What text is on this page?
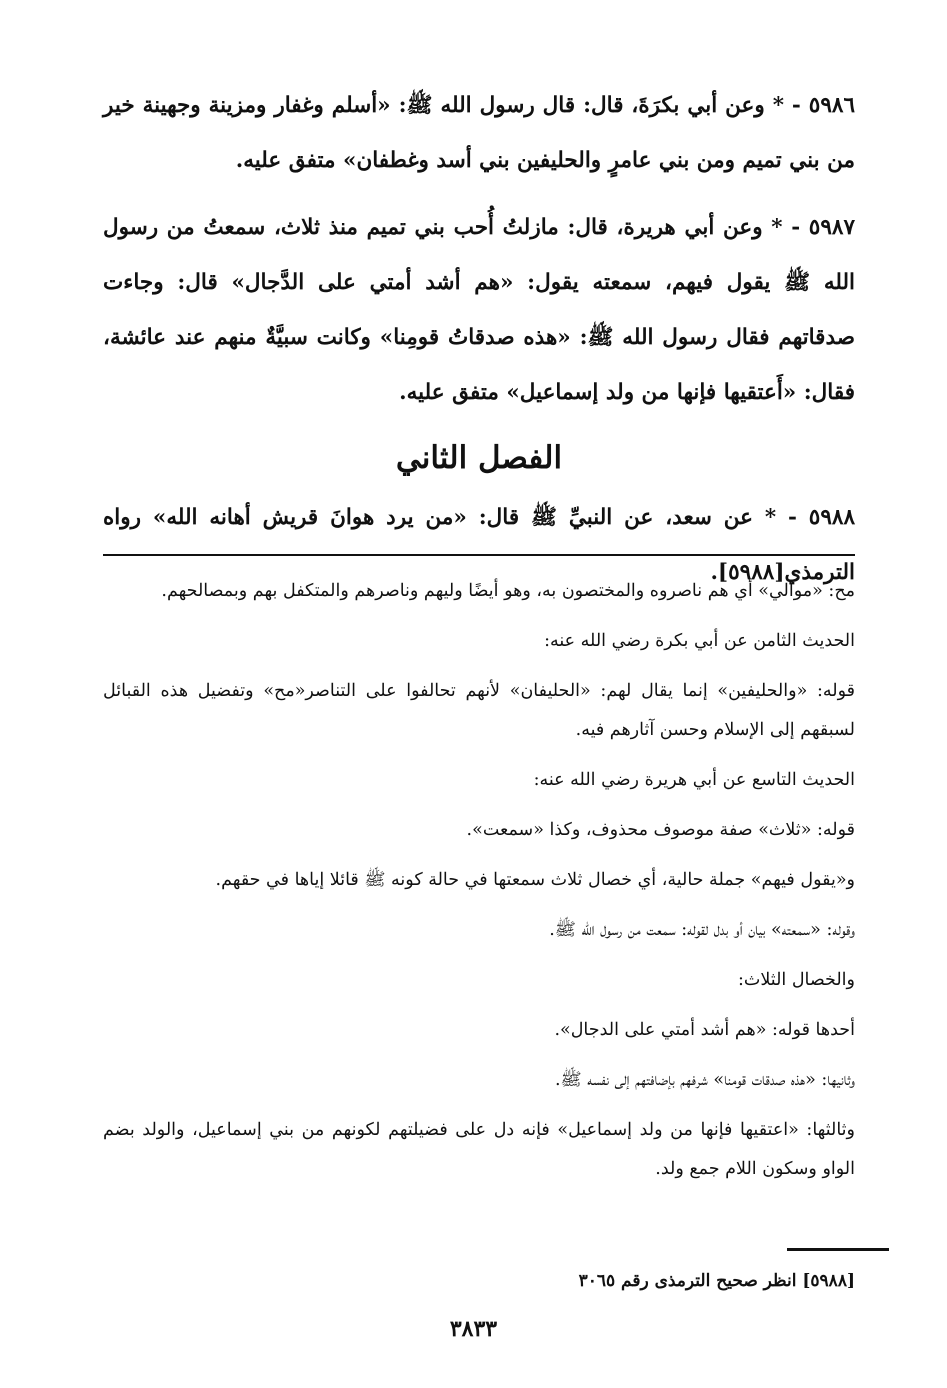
٥٩٨٦ - * وعن أبي بكرَةَ، قال: قال رسول الله ﷺ: «أسلم وغفار ومزينة وجهينة خير من بني تميم ومن بني عامرٍ والحليفين بني أسد وغطفان» متفق عليه.

٥٩٨٧ - * وعن أبي هريرة، قال: مازلتُ أُحب بني تميم منذ ثلاث، سمعتُ من رسول الله ﷺ يقول فيهم، سمعته يقول: «هم أشد أمتي على الدَّجال» قال: وجاءت صدقاتهم فقال رسول الله ﷺ: «هذه صدقاتُ قومِنا» وكانت سبيَّةٌ منهم عند عائشة، فقال: «أَعتقيها فإنها من ولد إسماعيل» متفق عليه.

الفصل الثاني

٥٩٨٨ - * عن سعد، عن النبيِّ ﷺ قال: «من يرد هوانَ قريش أهانه الله» رواه الترمذي[٥٩٨٨].

مح: «موالي» أي هم ناصروه والمختصون به، وهو أيضًا وليهم وناصرهم والمتكفل بهم وبمصالحهم.

الحديث الثامن عن أبي بكرة رضي الله عنه:

قوله: «والحليفين» إنما يقال لهم: «الحليفان» لأنهم تحالفوا على التناصر«مح» وتفضيل هذه القبائل لسبقهم إلى الإسلام وحسن آثارهم فيه.

الحديث التاسع عن أبي هريرة رضي الله عنه:

قوله: «ثلاث» صفة موصوف محذوف، وكذا «سمعت».

و«يقول فيهم» جملة حالية، أي خصال ثلاث سمعتها في حالة كونه ﷺ قائلا إياها في حقهم.

وقوله: «سمعته» بيان أو بدل لقوله: سمعت من رسول الله ﷺ.

والخصال الثلاث:

أحدها قوله: «هم أشد أمتي على الدجال».

وثانيها: «هذه صدقات قومنا» شرفهم بإضافتهم إلى نفسه ﷺ.

وثالثها: «اعتقيها فإنها من ولد إسماعيل» فإنه دل على فضيلتهم لكونهم من بني إسماعيل، والولد بضم الواو وسكون اللام جمع ولد.

[٥٩٨٨] انظر صحيح الترمذى رقم ٣٠٦٥
٣٨٣٣
